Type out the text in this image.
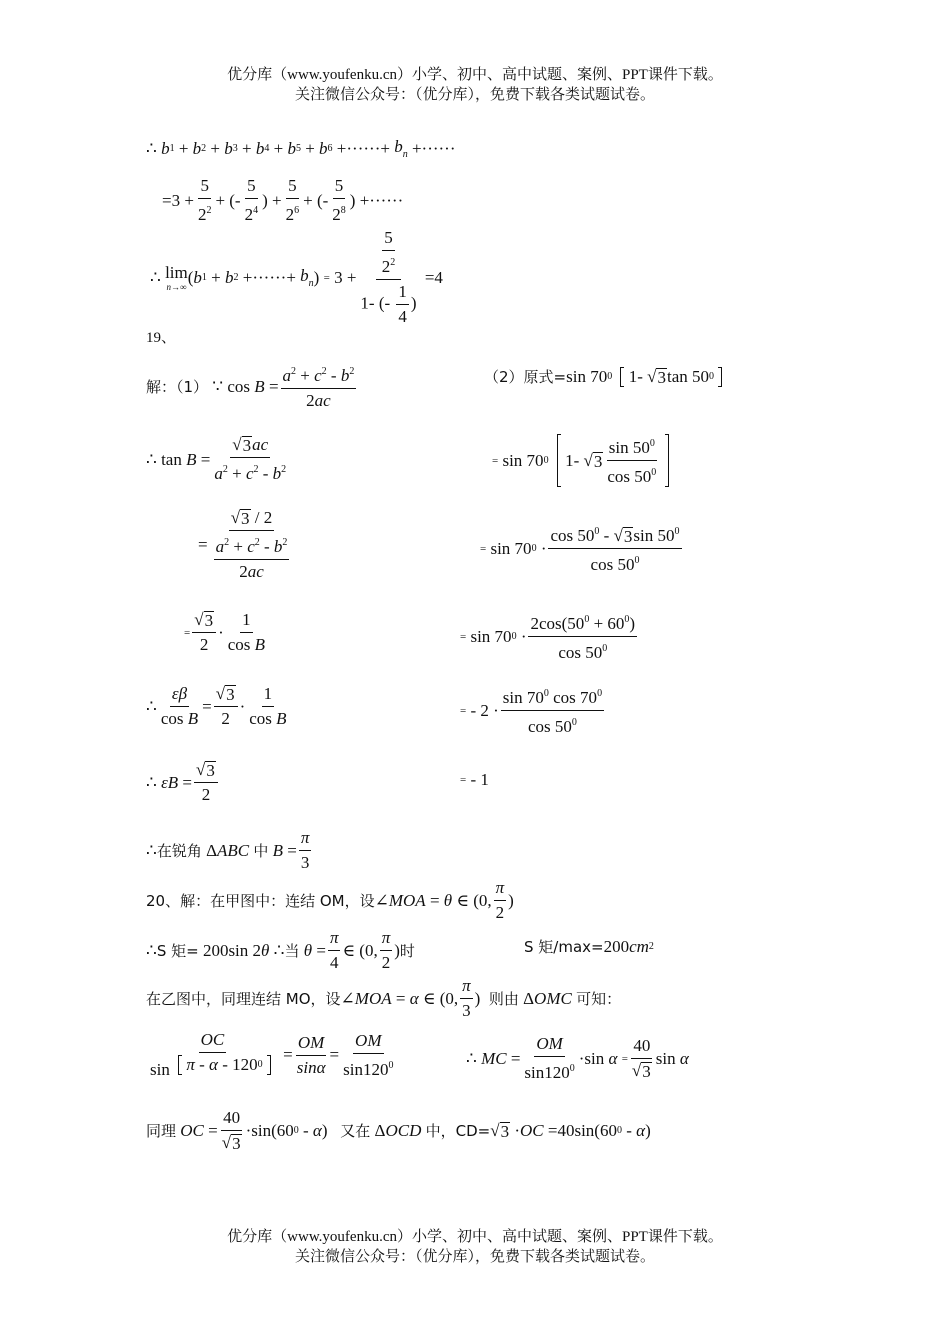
优分库（www.youfenku.cn）小学、初中、高中试题、案例、PPT课件下载。
关注微信公众号：（优分库），免费下载各类试题试卷。
∴
b 1 + b 2 + b 3 + b 4 + b 5 + b 6 +······+ $b_n$ +······
$=3 + \frac{5}{2^2}$ + (- $\frac{5}{2^4}$ ) + $\frac{5}{2^6}$ + (- $\frac{5}{2^8}$ ) +······
∴
lim
n→∞ ( b 1 + b 2 +······+ $b_n$ ) = $3 + \frac{\frac{5}{2^2}}{1- (- \frac{1}{4} )} =4$
19、
解：（1）
∵ $\cos B = \frac{a^2 + c^2 - b^2}{2ac}$	（2）原式= sin 70 0
1- √ 3 tan 50 0

∴ $\tan B = \frac{√ 3 ac}{a^2 + c^2 - b^2}$	= sin 70 0
1- √ $3 \frac{\sin 50^0}{\cos 50^0}$

= $\frac{√ 3 / 2}{\frac{a^2 + c^2 - b^2}{2ac}}$	= sin 70 $0 \cdot \frac{\cos 50^0 - √ 3 \sin 50^0}{\cos 50^0}$
= $\frac{√ 3}{2} \cdot \frac{1}{\text{cos B}}$	= sin 70 $0 \cdot \frac{2\cos(50^0 + 60^0)}{\cos 50^0}$
∴ $\frac{\varepsilon\beta}{\text{cos B}} = \frac{√ 3}{2} \cdot \frac{1}{\text{cos B}}$	= - $2 \cdot \frac{\sin 70^0 \cos 70^0}{\cos 50^0}$
∴
ε $B = \frac{√ 3}{2}$	= - 1
∴ 在锐角 Δ ABC
中
$B = \frac{\pi}{3}$
20、解：在甲图中：连结 OM，设 ∠ MOA = θ ∈ (0, $\frac{\pi}{2}$ )
∴ S 矩= 200sin 2 θ
∴ 当
$\theta = \frac{\pi}{4}$ ∈ (0, $\frac{\pi}{2}$ ) 时	S 矩/max= 200 cm 2
在乙图中，同理连结 MO，设 ∠ MOA = α ∈ (0, $\frac{\pi}{3}$ ) 则由 Δ OMC
可知：
OC
sin
π - α - 120 0
= $\frac{OM}{\sin\alpha} = \frac{OM}{\sin 120^0}$	∴
MC = $\frac{OM}{\sin 120^0} \cdot\sin$ α
= $\frac{40}{√ 3}$ sin α
同理
OC = $\frac{40}{√ 3} \cdot\sin(60$ 0 - α ) 又在 Δ OCD
中，CD= √ 3 · OC =40sin(60 0 - α )
优分库（www.youfenku.cn）小学、初中、高中试题、案例、PPT课件下载。
关注微信公众号：（优分库），免费下载各类试题试卷。
